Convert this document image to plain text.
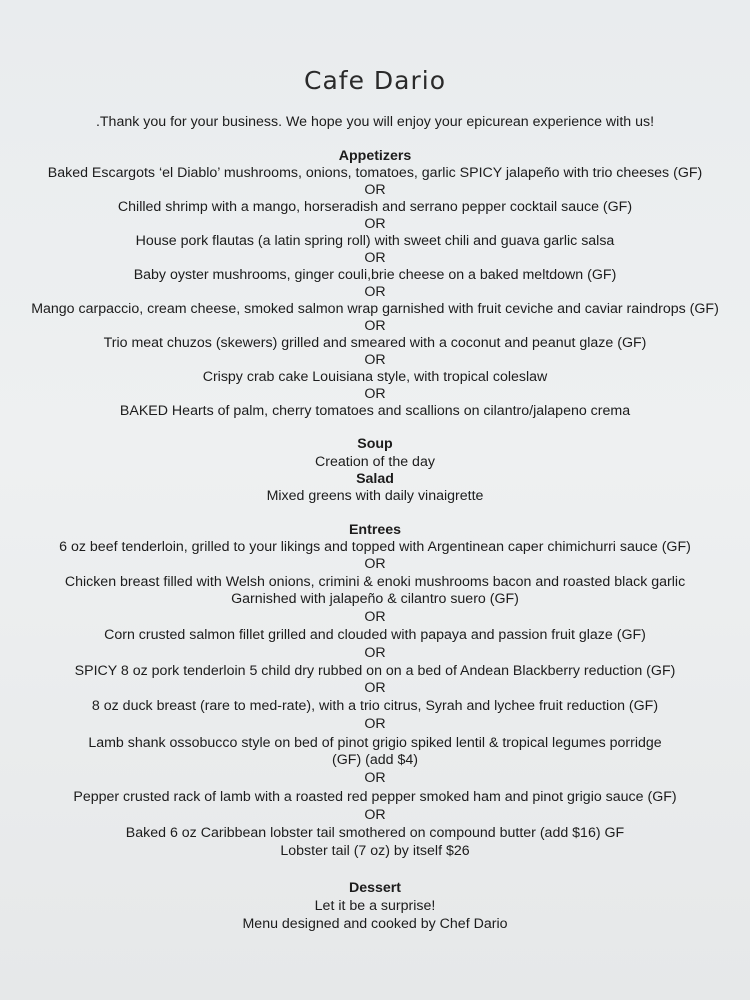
Cafe Dario
.Thank you for your business. We hope you will enjoy your epicurean experience with us!
Appetizers
Baked Escargots ‘el Diablo’ mushrooms, onions, tomatoes, garlic SPICY jalapeño with trio cheeses (GF)
OR
Chilled shrimp with a mango, horseradish and serrano pepper cocktail sauce (GF)
OR
House pork flautas (a latin spring roll) with sweet chili and guava garlic salsa
OR
Baby oyster mushrooms, ginger couli,brie cheese on a baked meltdown (GF)
OR
Mango carpaccio, cream cheese, smoked salmon wrap garnished with fruit ceviche and caviar raindrops (GF)
OR
Trio meat chuzos (skewers) grilled and smeared with a coconut and peanut glaze (GF)
OR
Crispy crab cake Louisiana style, with tropical coleslaw
OR
BAKED Hearts of palm, cherry tomatoes and scallions on cilantro/jalapeno crema
Soup
Creation of the day
Salad
Mixed greens with daily vinaigrette
Entrees
6 oz beef tenderloin, grilled to your likings and topped with Argentinean caper chimichurri sauce (GF)
OR
Chicken breast filled with Welsh onions, crimini & enoki mushrooms bacon and roasted black garlic
Garnished with jalapeño & cilantro suero (GF)
OR
Corn crusted salmon fillet grilled and clouded with papaya and passion fruit glaze (GF)
OR
SPICY 8 oz pork tenderloin 5 child dry rubbed on on a bed of Andean Blackberry reduction (GF)
OR
8 oz duck breast (rare to med-rate), with a trio citrus, Syrah and lychee fruit reduction (GF)
OR
Lamb shank ossobucco style on bed of pinot grigio spiked lentil & tropical legumes porridge
(GF) (add $4)
OR
Pepper crusted rack of lamb with a roasted red pepper smoked ham and pinot grigio sauce (GF)
OR
Baked 6 oz Caribbean lobster tail smothered on compound butter (add $16) GF
Lobster tail (7 oz) by itself $26
Dessert
Let it be a surprise!
Menu designed and cooked by Chef Dario
